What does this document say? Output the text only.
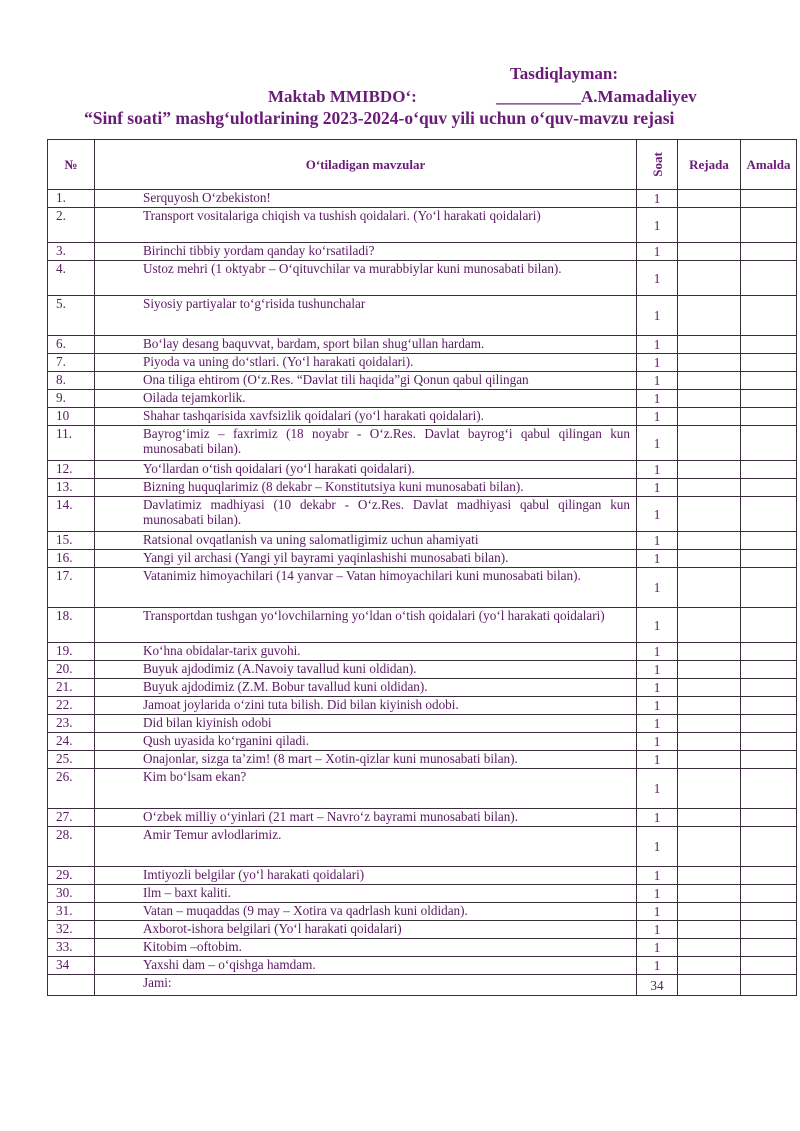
Tasdiqlayman:
Maktab MMIBDO‘:	__________A.Mamadaliyev
“Sinf soati” mashg‘ulotlarining 2023-2024-o‘quv yili uchun o‘quv-mavzu rejasi
№	O‘tiladigan mavzular	Soat	Rejada	Amalda
1.	Serquyosh O‘zbekiston!	1		
2.	Transport vositalariga chiqish va tushish qoidalari. (Yo‘l harakati qoidalari)	1		
3.	Birinchi tibbiy yordam qanday ko‘rsatiladi?	1		
4.	Ustoz mehri (1 oktyabr – O‘qituvchilar va murabbiylar kuni munosabati bilan).	1		
5.	Siyosiy partiyalar to‘g‘risida tushunchalar	1		
6.	Bo‘lay desang baquvvat, bardam, sport bilan shug‘ullan hardam.	1		
7.	Piyoda va uning do‘stlari. (Yo‘l harakati qoidalari).	1		
8.	Ona tiliga ehtirom (O‘z.Res. “Davlat tili haqida”gi Qonun qabul qilingan	1		
9.	Oilada tejamkorlik.	1		
10	Shahar tashqarisida xavfsizlik qoidalari (yo‘l harakati qoidalari).	1		
11.	Bayrog‘imiz – faxrimiz (18 noyabr - O‘z.Res. Davlat bayrog‘i qabul qilingan kun munosabati bilan).	1		
12.	Yo‘llardan o‘tish qoidalari (yo‘l harakati qoidalari).	1		
13.	Bizning huquqlarimiz (8 dekabr – Konstitutsiya kuni munosabati bilan).	1		
14.	Davlatimiz madhiyasi (10 dekabr - O‘z.Res. Davlat madhiyasi qabul qilingan kun munosabati bilan).	1		
15.	Ratsional ovqatlanish va uning salomatligimiz uchun ahamiyati	1		
16.	Yangi yil archasi (Yangi yil bayrami yaqinlashishi munosabati bilan).	1		
17.	Vatanimiz himoyachilari (14 yanvar – Vatan himoyachilari kuni munosabati bilan).	1		
18.	Transportdan tushgan yo‘lovchilarning yo‘ldan o‘tish qoidalari (yo‘l harakati qoidalari)	1		
19.	Ko‘hna obidalar-tarix guvohi.	1		
20.	Buyuk ajdodimiz (A.Navoiy tavallud kuni oldidan).	1		
21.	Buyuk ajdodimiz (Z.M. Bobur tavallud kuni oldidan).	1		
22.	Jamoat joylarida o‘zini tuta bilish. Did bilan kiyinish odobi.	1		
23.	Did bilan kiyinish odobi	1		
24.	Qush uyasida ko‘rganini qiladi.	1		
25.	Onajonlar, sizga ta’zim! (8 mart – Xotin-qizlar kuni munosabati bilan).	1		
26.	Kim bo‘lsam ekan?	1		
27.	O‘zbek milliy o‘yinlari (21 mart – Navro‘z bayrami munosabati bilan).	1		
28.	Amir Temur avlodlarimiz.	1		
29.	Imtiyozli belgilar (yo‘l harakati qoidalari)	1		
30.	Ilm – baxt kaliti.	1		
31.	Vatan – muqaddas (9 may – Xotira va qadrlash kuni oldidan).	1		
32.	Axborot-ishora belgilari (Yo‘l harakati qoidalari)	1		
33.	Kitobim –oftobim.	1		
34	Yaxshi dam – o‘qishga hamdam.	1		
	Jami:	34		
